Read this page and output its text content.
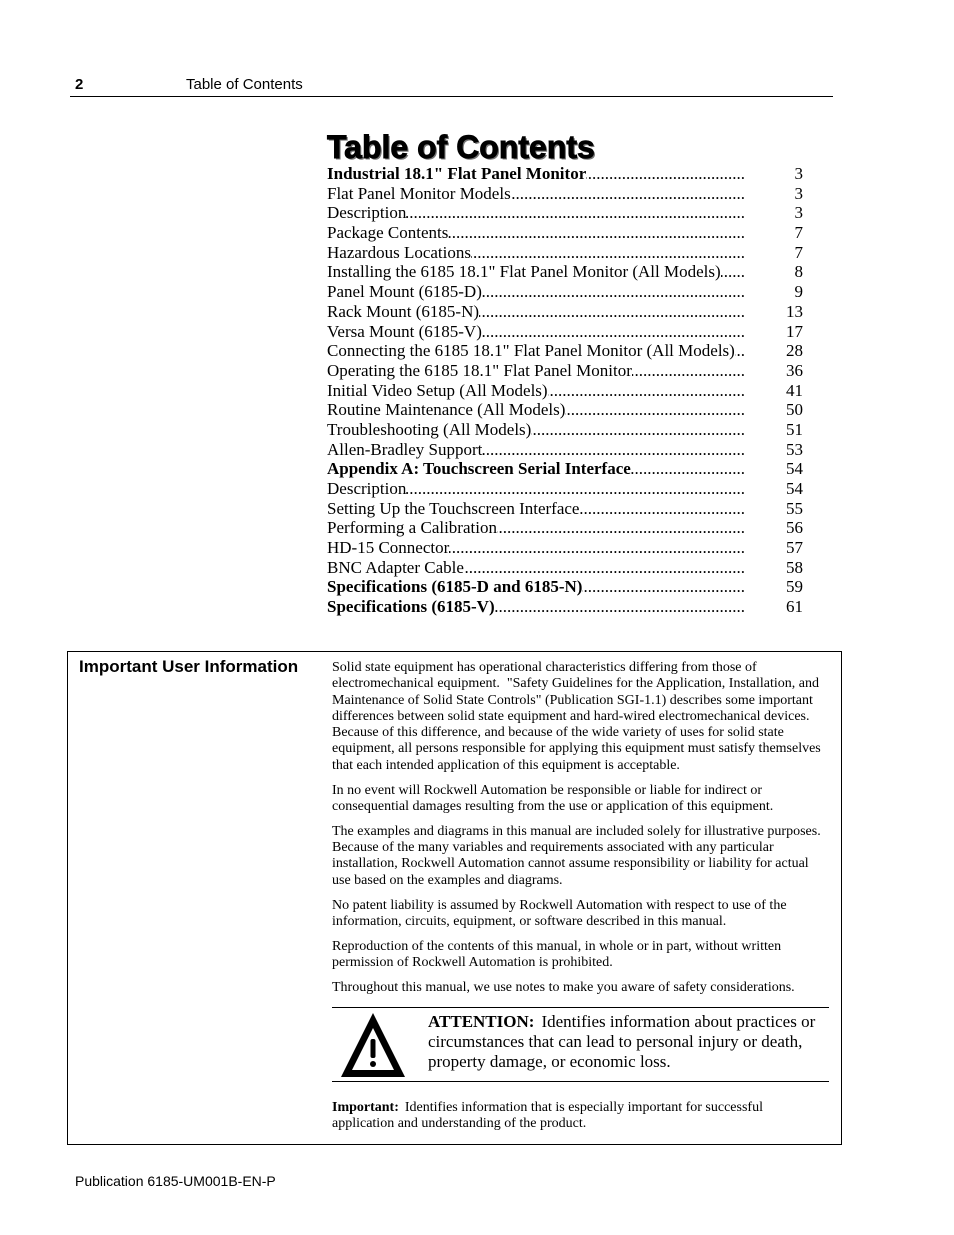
2	Table of Contents
Table of Contents
Industrial 18.1" Flat Panel Monitor .....	3
Flat Panel Monitor Models .....	3
Description .....	3
Package Contents .....	7
Hazardous Locations .....	7
Installing the 6185 18.1" Flat Panel Monitor (All Models) .....	8
Panel Mount (6185-D) .....	9
Rack Mount (6185-N) .....	13
Versa Mount (6185-V) .....	17
Connecting the 6185 18.1" Flat Panel Monitor (All Models) .....	28
Operating the 6185 18.1" Flat Panel Monitor .....	36
Initial Video Setup (All Models) .....	41
Routine Maintenance (All Models) .....	50
Troubleshooting (All Models) .....	51
Allen-Bradley Support .....	53
Appendix A: Touchscreen Serial Interface .....	54
Description .....	54
Setting Up the Touchscreen Interface .....	55
Performing a Calibration .....	56
HD-15 Connector .....	57
BNC Adapter Cable .....	58
Specifications (6185-D and 6185-N) .....	59
Specifications (6185-V) .....	61
Important User Information Solid state equipment has operational characteristics differing from those of
electromechanical equipment.  "Safety Guidelines for the Application, Installation, and
Maintenance of Solid State Controls" (Publication SGI-1.1) describes some important
differences between solid state equipment and hard-wired electromechanical devices.
Because of this difference, and because of the wide variety of uses for solid state
equipment, all persons responsible for applying this equipment must satisfy themselves
that each intended application of this equipment is acceptable.
In no event will Rockwell Automation be responsible or liable for indirect or
consequential damages resulting from the use or application of this equipment.
The examples and diagrams in this manual are included solely for illustrative purposes.
Because of the many variables and requirements associated with any particular
installation, Rockwell Automation cannot assume responsibility or liability for actual
use based on the examples and diagrams.
No patent liability is assumed by Rockwell Automation with respect to use of the
information, circuits, equipment, or software described in this manual.
Reproduction of the contents of this manual, in whole or in part, without written
permission of Rockwell Automation is prohibited.
Throughout this manual, we use notes to make you aware of safety considerations.
ATTENTION: Identifies information about practices or
circumstances that can lead to personal injury or death,
property damage, or economic loss.
Important: Identifies information that is especially important for successful
application and understanding of the product.
Publication 6185-UM001B-EN-P
